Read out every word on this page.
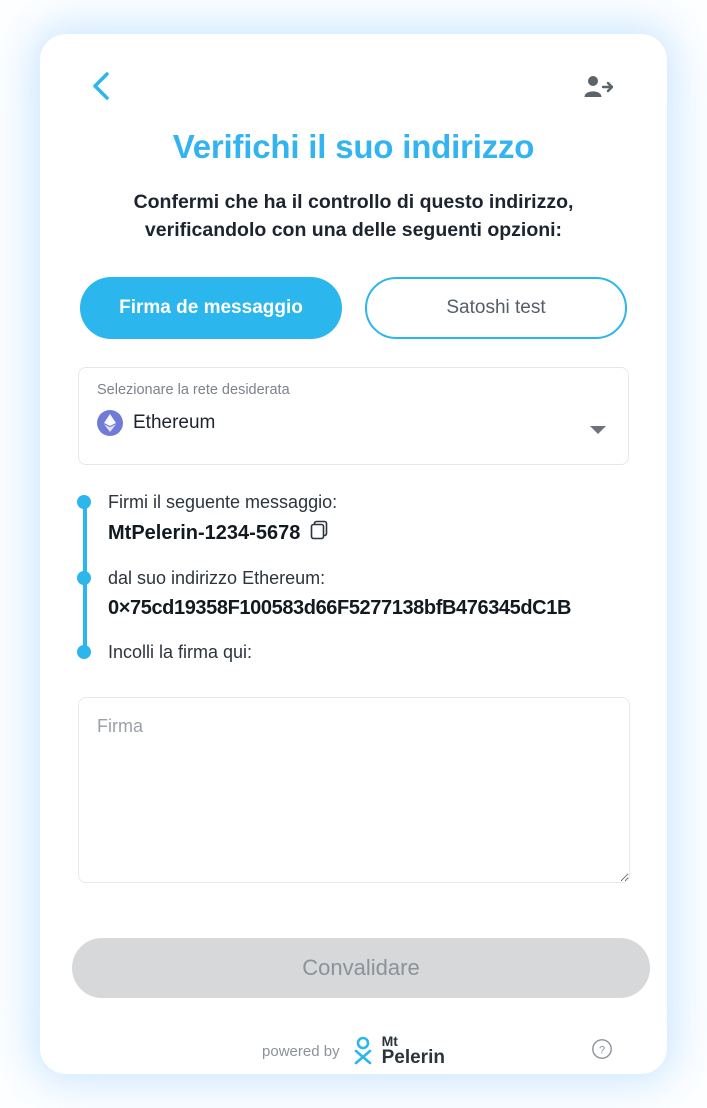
Verifichi il suo indirizzo

Confermi che ha il controllo di questo indirizzo, verificandolo con una delle seguenti opzioni:

Firma de messaggio	Satoshi test
Selezionare la rete desiderata
Ethereum
Firmi il seguente messaggio:
MtPelerin-1234-5678
dal suo indirizzo Ethereum:
0×75cd19358F100583d66F5277138bfB476345dC1B
Incolli la firma qui:
Firma
Convalidare
powered by
Mt
Pelerin	?
